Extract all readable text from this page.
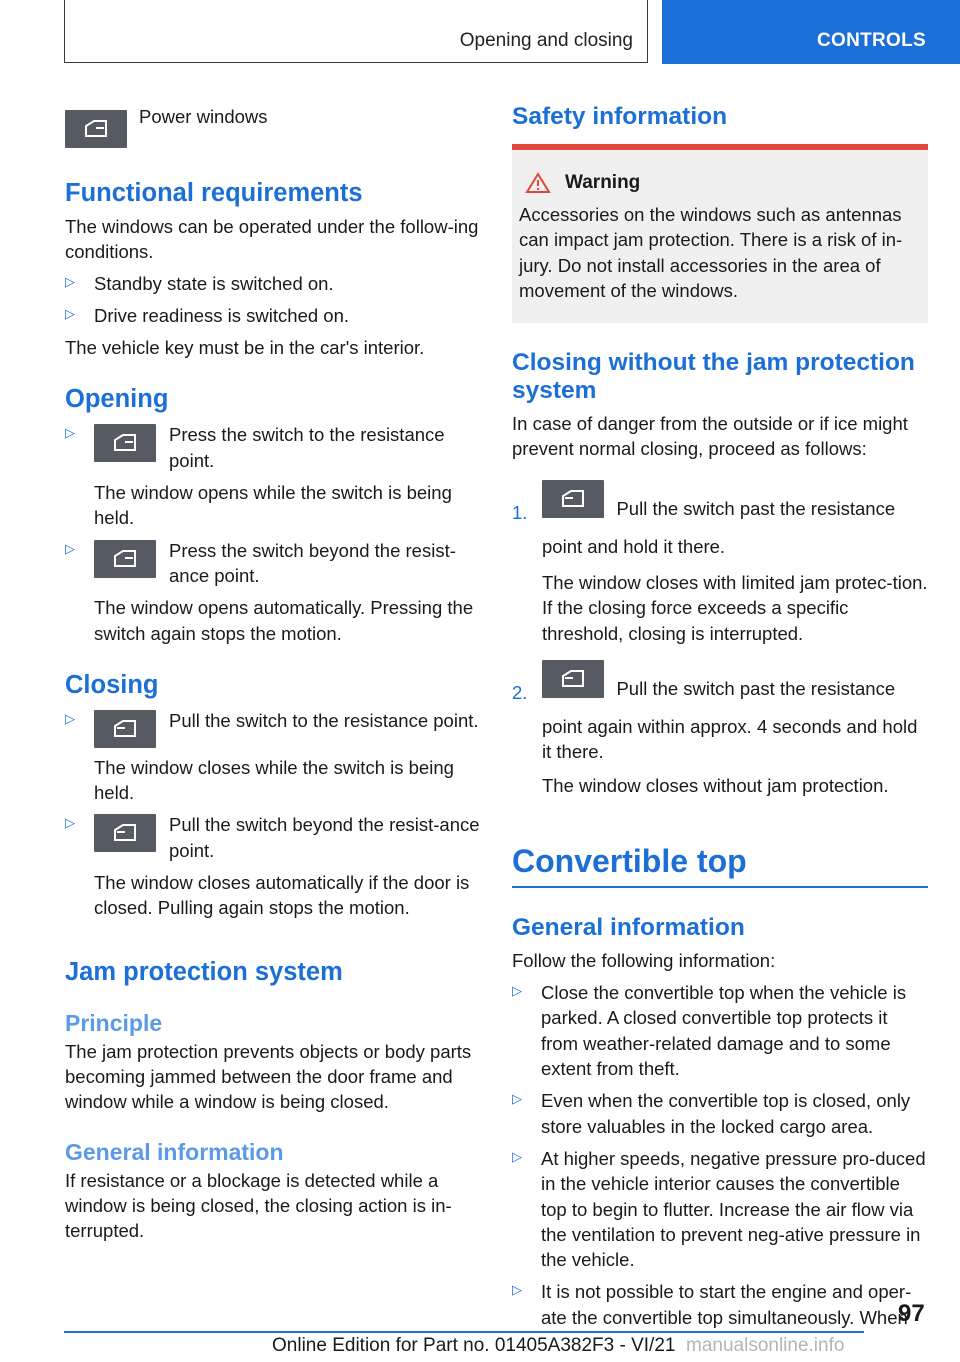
Opening and closing	CONTROLS

Power windows

Functional requirements

The windows can be operated under the follow-ing conditions.

▷ Standby state is switched on.

▷ Drive readiness is switched on.

The vehicle key must be in the car's interior.

Opening
▷	Press the switch to the resistance point.

The window opens while the switch is being held.

▷	Press the switch beyond the resist-ance point.

The window opens automatically. Pressing the switch again stops the motion.

Closing
▷	Pull the switch to the resistance point.

The window closes while the switch is being held.

▷	Pull the switch beyond the resist-ance point.

The window closes automatically if the door is closed. Pulling again stops the motion.

Jam protection system
Principle

The jam protection prevents objects or body parts becoming jammed between the door frame and window while a window is being closed.

General information

If resistance or a blockage is detected while a window is being closed, the closing action is in-terrupted.

Safety information
Warning

Accessories on the windows such as antennas can impact jam protection. There is a risk of in-jury. Do not install accessories in the area of movement of the windows.

Closing without the jam protection system

In case of danger from the outside or if ice might prevent normal closing, proceed as follows:

1.	Pull the switch past the resistance point and hold it there.

The window closes with limited jam protec-tion. If the closing force exceeds a specific threshold, closing is interrupted.

2.	Pull the switch past the resistance point again within approx. 4 seconds and hold it there.

The window closes without jam protection.

Convertible top
General information

Follow the following information:

▷ Close the convertible top when the vehicle is parked. A closed convertible top protects it from weather-related damage and to some extent from theft.

▷ Even when the convertible top is closed, only store valuables in the locked cargo area.

▷ At higher speeds, negative pressure pro-duced in the vehicle interior causes the convertible top to begin to flutter. Increase the air flow via the ventilation to prevent neg-ative pressure in the vehicle.

▷ It is not possible to start the engine and oper-ate the convertible top simultaneously. When

97
Online Edition for Part no. 01405A382F3 - VI/21 manualsonline.info
